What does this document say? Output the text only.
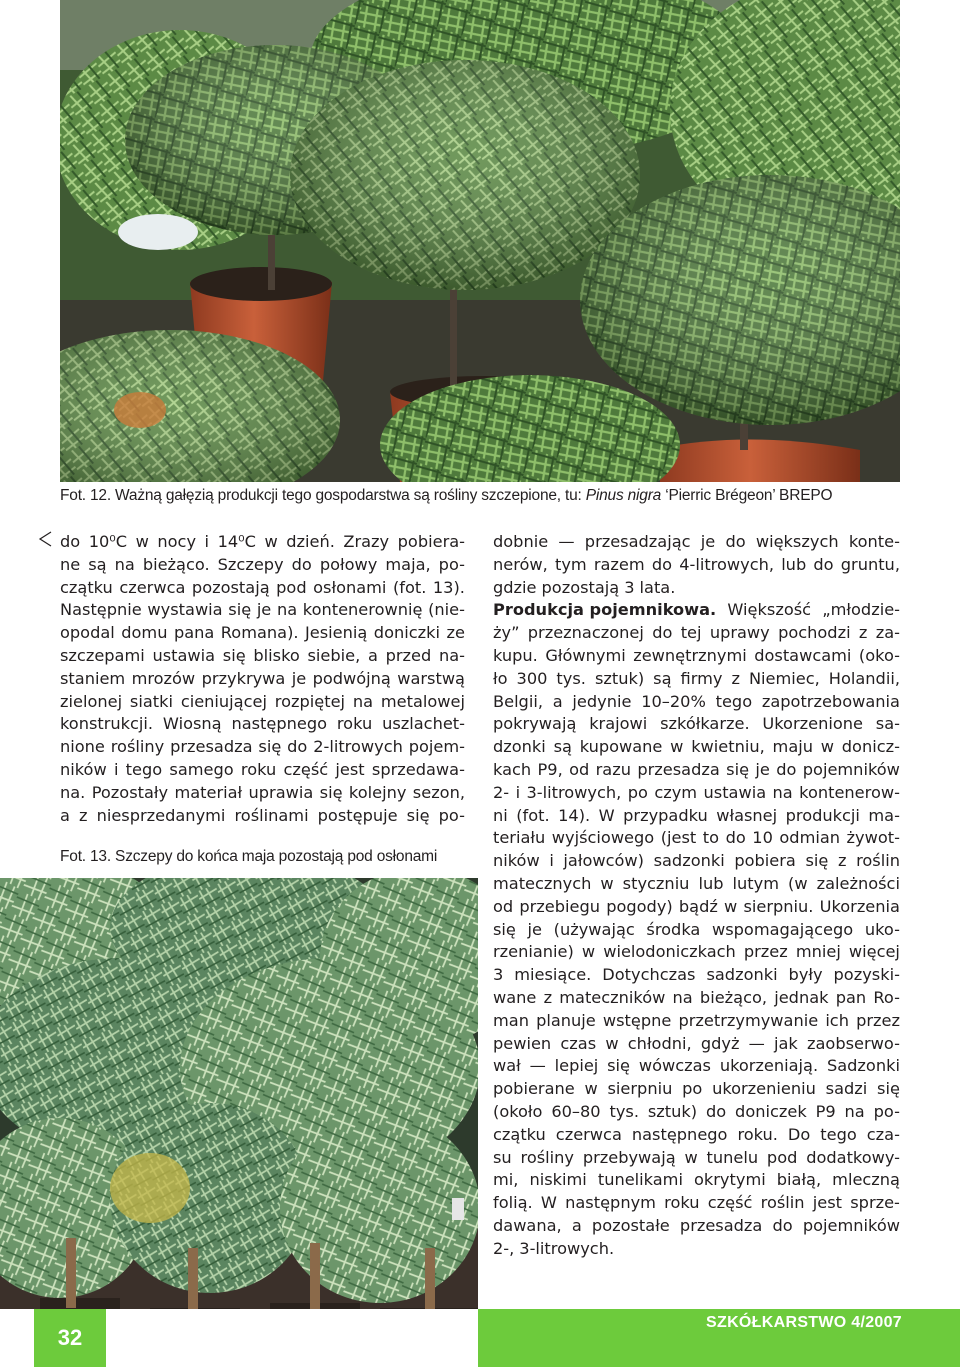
Fot. 12. Ważną gałęzią produkcji tego gospodarstwa są rośliny szczepione, tu: Pinus nigra ‘Pierric Brégeon’ BREPO

do 10⁰C w nocy i 14⁰C w dzień. Zrazy pobiera-
ne są na bieżąco. Szczepy do połowy maja, po-
czątku czerwca pozostają pod osłonami (fot. 13).
Następnie wystawia się je na kontenerownię (nie-
opodal domu pana Romana). Jesienią doniczki ze
szczepami ustawia się blisko siebie, a przed na-
staniem mrozów przykrywa je podwójną warstwą
zielonej siatki cieniującej rozpiętej na metalowej
konstrukcji. Wiosną następnego roku uszlachet-
nione rośliny przesadza się do 2-litrowych pojem-
ników i tego samego roku część jest sprzedawa-
na. Pozostały materiał uprawia się kolejny sezon,
a z niesprzedanymi roślinami postępuje się po-

Fot. 13. Szczepy do końca maja pozostają pod osłonami

dobnie — przesadzając je do większych konte-
nerów, tym razem do 4-litrowych, lub do gruntu,
gdzie pozostają 3 lata.
Produkcja pojemnikowa. Większość „młodzie-
ży” przeznaczonej do tej uprawy pochodzi z za-
kupu. Głównymi zewnętrznymi dostawcami (oko-
ło 300 tys. sztuk) są firmy z Niemiec, Holandii,
Belgii, a jedynie 10–20% tego zapotrzebowania
pokrywają krajowi szkółkarze. Ukorzenione sa-
dzonki są kupowane w kwietniu, maju w donicz-
kach P9, od razu przesadza się je do pojemników
2- i 3-litrowych, po czym ustawia na kontenerow-
ni (fot. 14). W przypadku własnej produkcji ma-
teriału wyjściowego (jest to do 10 odmian żywot-
ników i jałowców) sadzonki pobiera się z roślin
matecznych w styczniu lub lutym (w zależności
od przebiegu pogody) bądź w sierpniu. Ukorzenia
się je (używając środka wspomagającego uko-
rzenianie) w wielodoniczkach przez mniej więcej
3 miesiące. Dotychczas sadzonki były pozyski-
wane z mateczników na bieżąco, jednak pan Ro-
man planuje wstępne przetrzymywanie ich przez
pewien czas w chłodni, gdyż — jak zaobserwo-
wał — lepiej się wówczas ukorzeniają. Sadzonki
pobierane w sierpniu po ukorzenieniu sadzi się
(około 60–80 tys. sztuk) do doniczek P9 na po-
czątku czerwca następnego roku. Do tego cza-
su rośliny przebywają w tunelu pod dodatkowy-
mi, niskimi tunelikami okrytymi białą, mleczną
folią. W następnym roku część roślin jest sprze-
dawana, a pozostałe przesadza do pojemników
2-, 3-litrowych.
32
SZKÓŁKARSTWO 4/2007
